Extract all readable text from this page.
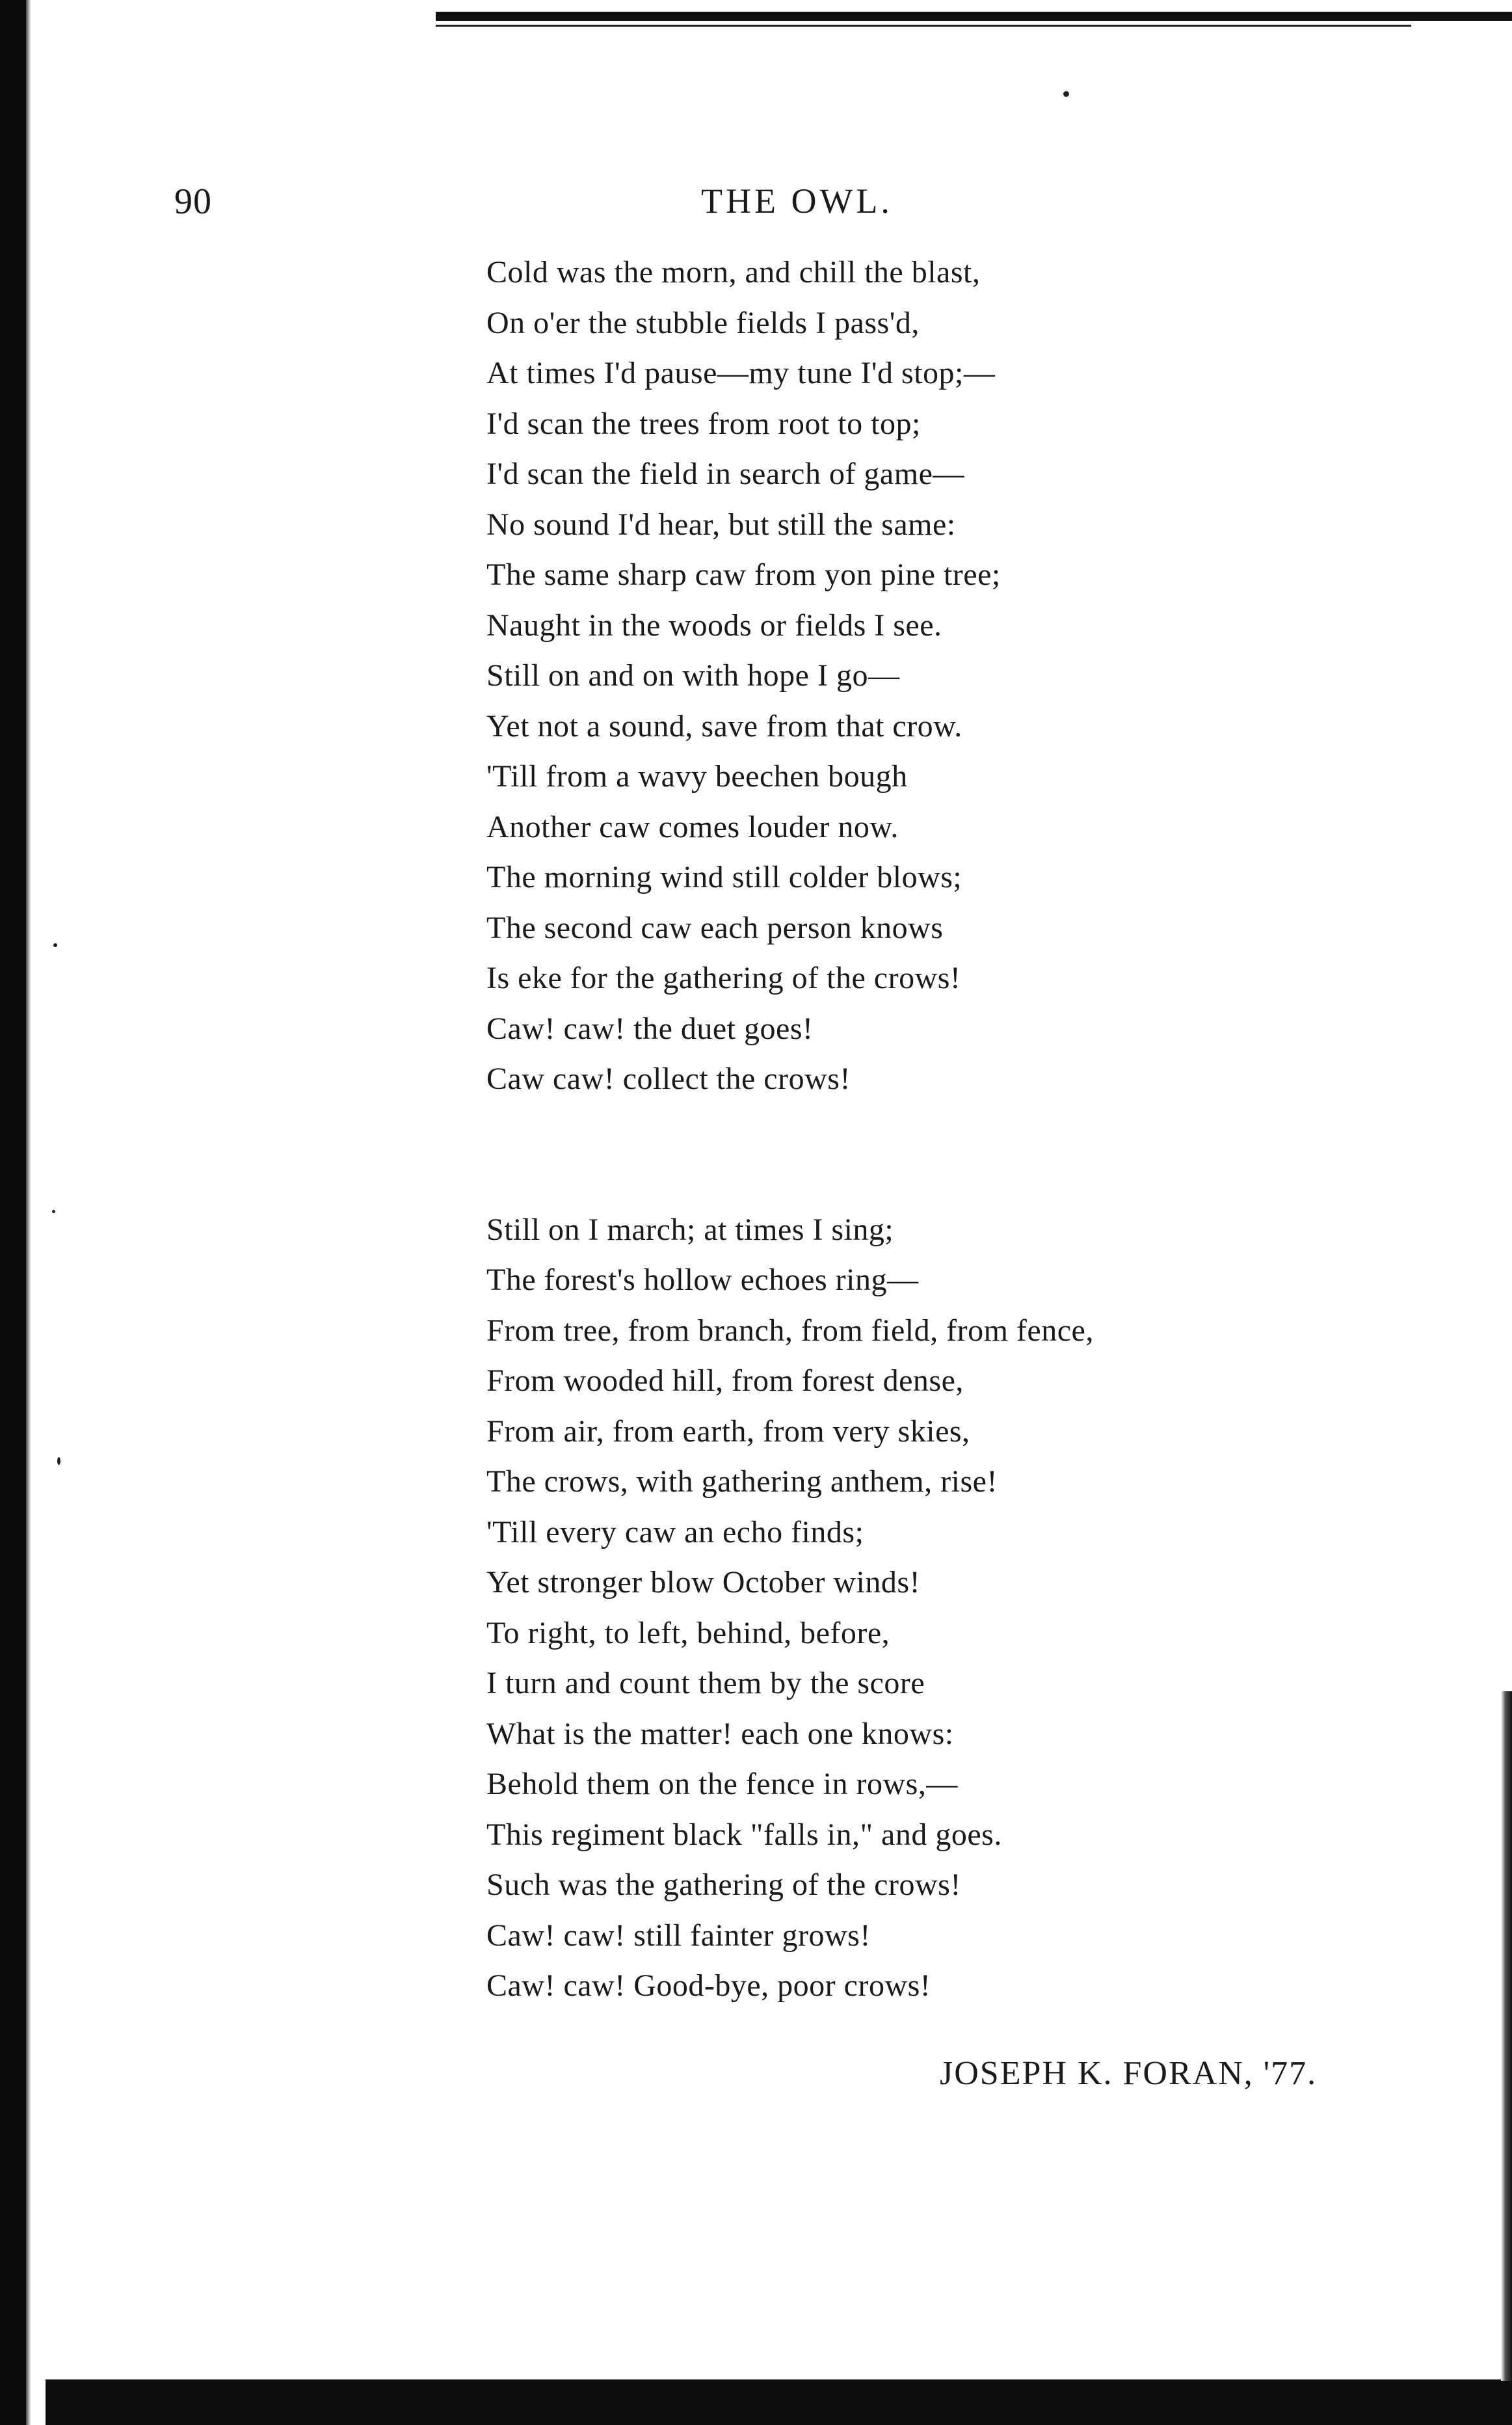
90	THE OWL.
Cold was the morn, and chill the blast,
On o'er the stubble fields I pass'd,
At times I'd pause—my tune I'd stop;—
I'd scan the trees from root to top;
I'd scan the field in search of game—
No sound I'd hear, but still the same:
The same sharp caw from yon pine tree;
Naught in the woods or fields I see.
Still on and on with hope I go—
Yet not a sound, save from that crow.
'Till from a wavy beechen bough
Another caw comes louder now.
The morning wind still colder blows;
The second caw each person knows
Is eke for the gathering of the crows!
Caw! caw! the duet goes!
Caw caw! collect the crows!
Still on I march; at times I sing;
The forest's hollow echoes ring—
From tree, from branch, from field, from fence,
From wooded hill, from forest dense,
From air, from earth, from very skies,
The crows, with gathering anthem, rise!
'Till every caw an echo finds;
Yet stronger blow October winds!
To right, to left, behind, before,
I turn and count them by the score
What is the matter! each one knows:
Behold them on the fence in rows,—
This regiment black "falls in," and goes.
Such was the gathering of the crows!
Caw! caw! still fainter grows!
Caw! caw! Good-bye, poor crows!
JOSEPH K. FORAN, '77.
